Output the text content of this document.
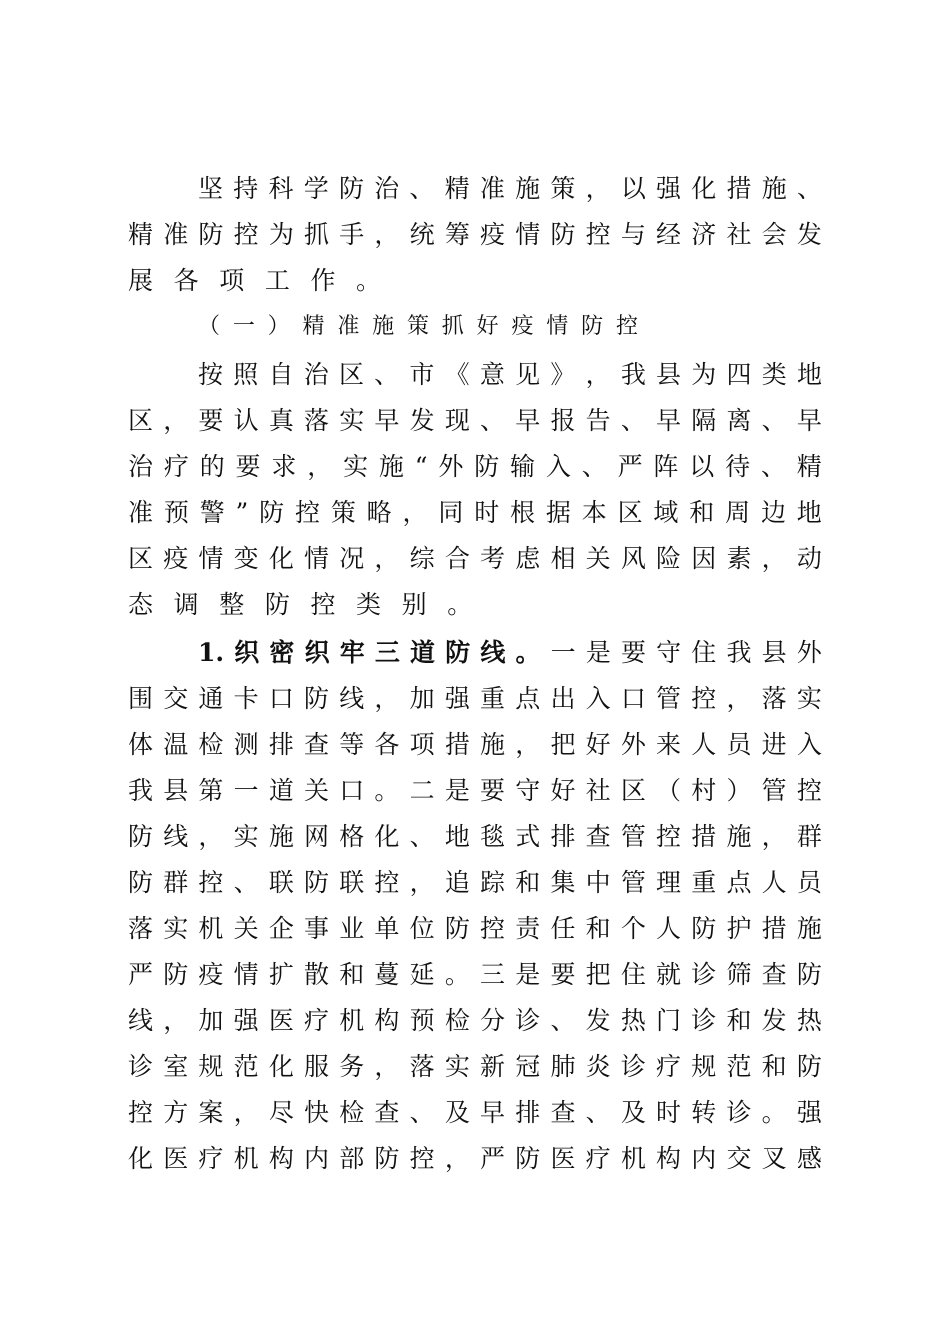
坚 持 科 学 防 治 、 精 准 施 策 ， 以 强 化 措 施 、
精 准 防 控 为 抓 手 ， 统 筹 疫 情 防 控 与 经 济 社 会 发
展 各 项 工 作 。
（ 一 ） 精 准 施 策 抓 好 疫 情 防 控
按 照 自 治 区 、 市 《 意 见 》 ， 我 县 为 四 类 地
区 ， 要 认 真 落 实 早 发 现 、 早 报 告 、 早 隔 离 、 早
治 疗 的 要 求 ， 实 施 “ 外 防 输 入 、 严 阵 以 待 、 精
准 预 警 ” 防 控 策 略 ， 同 时 根 据 本 区 域 和 周 边 地
区 疫 情 变 化 情 况 ， 综 合 考 虑 相 关 风 险 因 素 ， 动
态 调 整 防 控 类 别 。
1. 织 密 织 牢 三 道 防 线 。 一 是 要 守 住 我 县 外
围 交 通 卡 口 防 线 ， 加 强 重 点 出 入 口 管 控 ， 落 实
体 温 检 测 排 查 等 各 项 措 施 ， 把 好 外 来 人 员 进 入
我 县 第 一 道 关 口 。 二 是 要 守 好 社 区 （ 村 ） 管 控
防 线 ， 实 施 网 格 化 、 地 毯 式 排 查 管 控 措 施 ， 群
防 群 控 、 联 防 联 控 ， 追 踪 和 集 中 管 理 重 点 人 员
落 实 机 关 企 事 业 单 位 防 控 责 任 和 个 人 防 护 措 施
严 防 疫 情 扩 散 和 蔓 延 。 三 是 要 把 住 就 诊 筛 查 防
线 ， 加 强 医 疗 机 构 预 检 分 诊 、 发 热 门 诊 和 发 热
诊 室 规 范 化 服 务 ， 落 实 新 冠 肺 炎 诊 疗 规 范 和 防
控 方 案 ， 尽 快 检 查 、 及 早 排 查 、 及 时 转 诊 。 强
化 医 疗 机 构 内 部 防 控 ， 严 防 医 疗 机 构 内 交 叉 感
